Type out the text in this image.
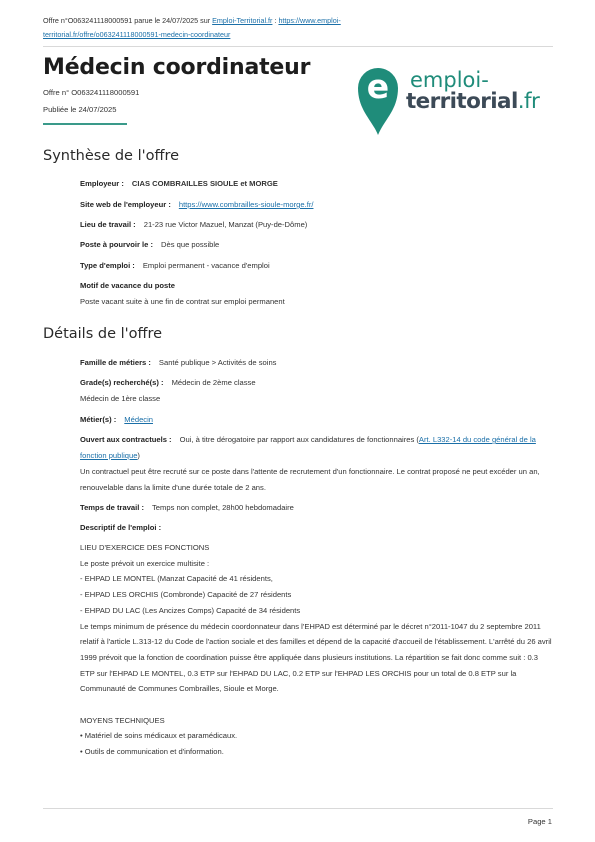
Offre n°O063241118000591 parue le 24/07/2025 sur Emploi-Territorial.fr : https://www.emploi-
territorial.fr/offre/o063241118000591-medecin-coordinateur
Médecin coordinateur
Offre n° O063241118000591
Publiée le 24/07/2025
e emploi-
territorial.fr
Synthèse de l'offre
Employeur : CIAS COMBRAILLES SIOULE et MORGE
Site web de l'employeur : https://www.combrailles-sioule-morge.fr/
Lieu de travail : 21-23 rue Victor Mazuel, Manzat (Puy-de-Dôme)
Poste à pourvoir le : Dès que possible
Type d'emploi : Emploi permanent - vacance d'emploi
Motif de vacance du poste
Poste vacant suite à une fin de contrat sur emploi permanent
Détails de l'offre
Famille de métiers : Santé publique > Activités de soins
Grade(s) recherché(s) : Médecin de 2ème classe
Médecin de 1ère classe
Métier(s) : Médecin
Ouvert aux contractuels : Oui, à titre dérogatoire par rapport aux candidatures de fonctionnaires (Art. L332-14 du code général de la fonction publique)
Un contractuel peut être recruté sur ce poste dans l'attente de recrutement d'un fonctionnaire. Le contrat proposé ne peut excéder un an, renouvelable dans la limite d'une durée totale de 2 ans.
Temps de travail : Temps non complet, 28h00 hebdomadaire
Descriptif de l'emploi :

LIEU D'EXERCICE DES FONCTIONS

Le poste prévoit un exercice multisite :

- EHPAD LE MONTEL (Manzat Capacité de 41 résidents,

- EHPAD LES ORCHIS (Combronde) Capacité de 27 résidents

- EHPAD DU LAC (Les Ancizes Comps) Capacité de 34 résidents

Le temps minimum de présence du médecin coordonnateur dans l'EHPAD est déterminé par le décret n°2011-1047 du 2 septembre 2011 relatif à l'article L.313-12 du Code de l'action sociale et des familles et dépend de la capacité d'accueil de l'établissement. L'arrêté du 26 avril 1999 prévoit que la fonction de coordination puisse être appliquée dans plusieurs institutions. La répartition se fait donc comme suit : 0.3 ETP sur l'EHPAD LE MONTEL, 0.3 ETP sur l'EHPAD DU LAC, 0.2 ETP sur l'EHPAD LES ORCHIS pour un total de 0.8 ETP sur la Communauté de Communes Combrailles, Sioule et Morge.

MOYENS TECHNIQUES

• Matériel de soins médicaux et paramédicaux.

• Outils de communication et d'information.

Page 1
